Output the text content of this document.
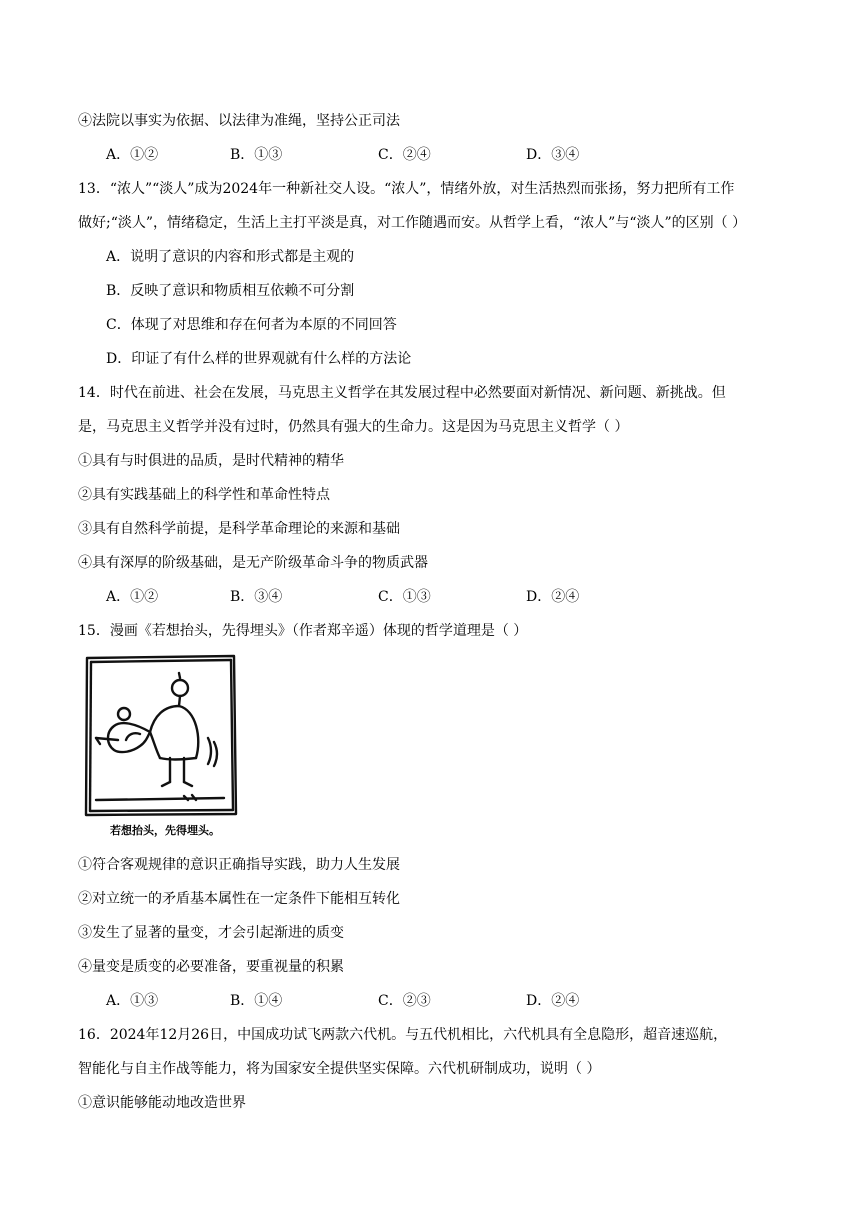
④法院以事实为依据、以法律为准绳，坚持公正司法
A．①②	B．①③	C．②④	D．③④
13．“浓人”“淡人”成为2024年一种新社交人设。“浓人”，情绪外放，对生活热烈而张扬，努力把所有工作
做好;“淡人”，情绪稳定，生活上主打平淡是真，对工作随遇而安。从哲学上看，“浓人”与“淡人”的区别（ ）
A．说明了意识的内容和形式都是主观的
B．反映了意识和物质相互依赖不可分割
C．体现了对思维和存在何者为本原的不同回答
D．印证了有什么样的世界观就有什么样的方法论
14．时代在前进、社会在发展，马克思主义哲学在其发展过程中必然要面对新情况、新问题、新挑战。但
是，马克思主义哲学并没有过时，仍然具有强大的生命力。这是因为马克思主义哲学（ ）
①具有与时俱进的品质，是时代精神的精华
②具有实践基础上的科学性和革命性特点
③具有自然科学前提，是科学革命理论的来源和基础
④具有深厚的阶级基础，是无产阶级革命斗争的物质武器
A．①②	B．③④	C．①③	D．②④
15．漫画《若想抬头，先得埋头》（作者郑辛遥）体现的哲学道理是（ ）
若想抬头，先得埋头。
①符合客观规律的意识正确指导实践，助力人生发展
②对立统一的矛盾基本属性在一定条件下能相互转化
③发生了显著的量变，才会引起渐进的质变
④量变是质变的必要准备，要重视量的积累
A．①③	B．①④	C．②③	D．②④
16．2024年12月26日，中国成功试飞两款六代机。与五代机相比，六代机具有全息隐形，超音速巡航，
智能化与自主作战等能力，将为国家安全提供坚实保障。六代机研制成功，说明（ ）
①意识能够能动地改造世界
